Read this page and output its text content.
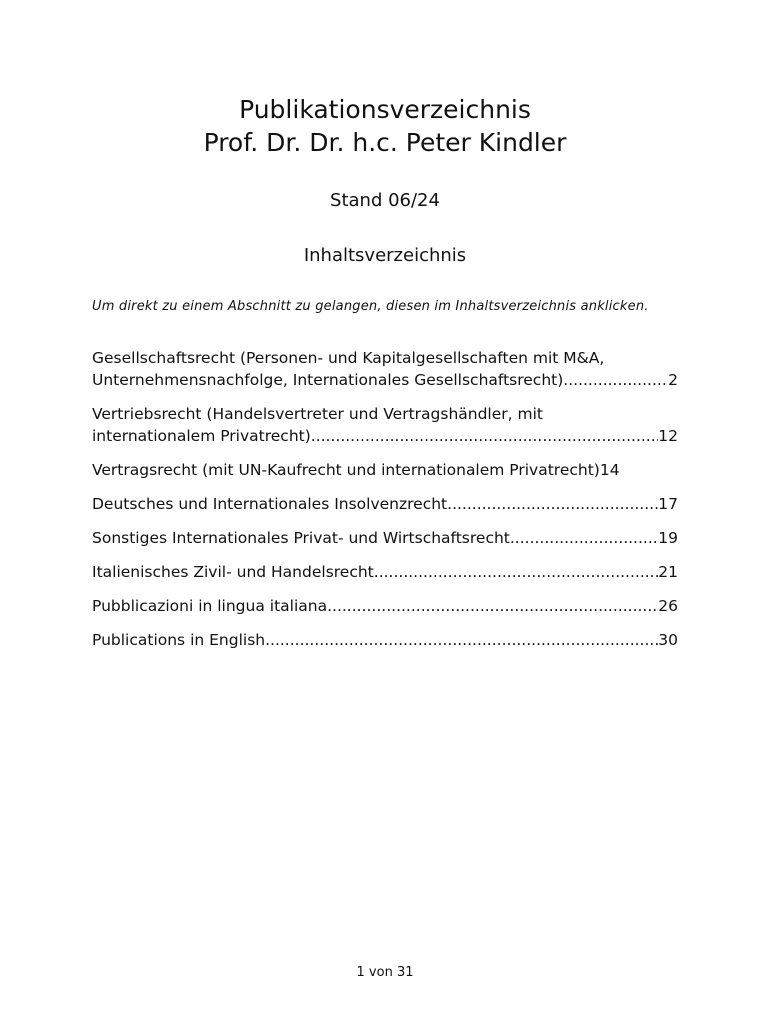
Publikationsverzeichnis
Prof. Dr. Dr. h.c. Peter Kindler
Stand 06/24
Inhaltsverzeichnis
Um direkt zu einem Abschnitt zu gelangen, diesen im Inhaltsverzeichnis anklicken.
Gesellschaftsrecht (Personen- und Kapitalgesellschaften mit M&A,
Unternehmensnachfolge, Internationales Gesellschaftsrecht) .....	2
Vertriebsrecht (Handelsvertreter und Vertragshändler, mit
internationalem Privatrecht) .....	12
Vertragsrecht (mit UN-Kaufrecht und internationalem Privatrecht) 14
Deutsches und Internationales Insolvenzrecht .....	17
Sonstiges Internationales Privat- und Wirtschaftsrecht .....	19
Italienisches Zivil- und Handelsrecht .....	21
Pubblicazioni in lingua italiana .....	26
Publications in English .....	30
1 von 31
